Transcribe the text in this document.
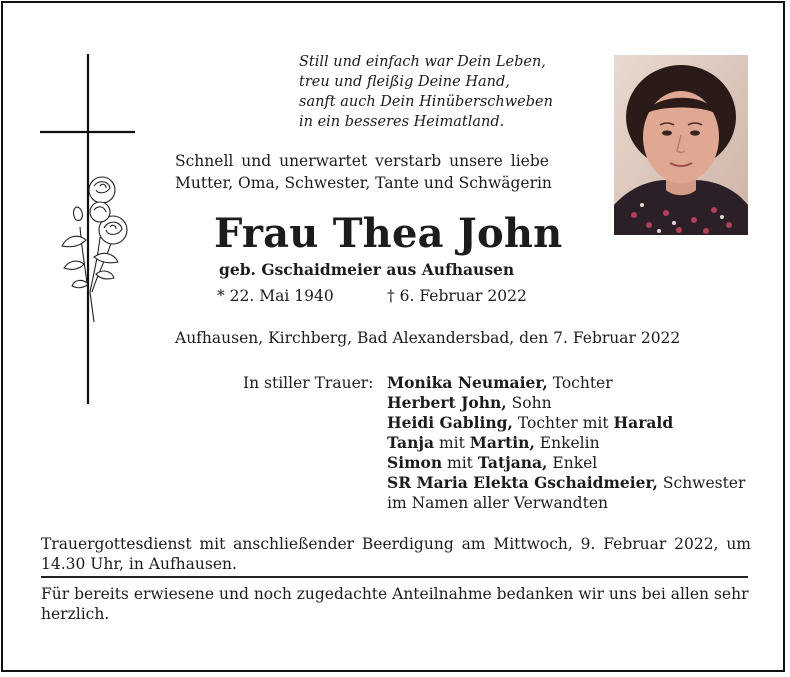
Still und einfach war Dein Leben,
treu und fleißig Deine Hand,
sanft auch Dein Hinüberschweben
in ein besseres Heimatland.
Schnell und unerwartet verstarb unsere liebe
Mutter, Oma, Schwester, Tante und Schwägerin
Frau Thea John
geb. Gschaidmeier aus Aufhausen
* 22. Mai 1940	† 6. Februar 2022
Aufhausen, Kirchberg, Bad Alexandersbad, den 7. Februar 2022
In stiller Trauer: Monika Neumaier, Tochter
Herbert John, Sohn
Heidi Gabling, Tochter mit Harald
Tanja mit Martin, Enkelin
Simon mit Tatjana, Enkel
SR Maria Elekta Gschaidmeier, Schwester
im Namen aller Verwandten
Trauergottesdienst mit anschließender Beerdigung am Mittwoch, 9. Februar 2022, um 14.30 Uhr, in Aufhausen.
Für bereits erwiesene und noch zugedachte Anteilnahme bedanken wir uns bei allen sehr herzlich.
